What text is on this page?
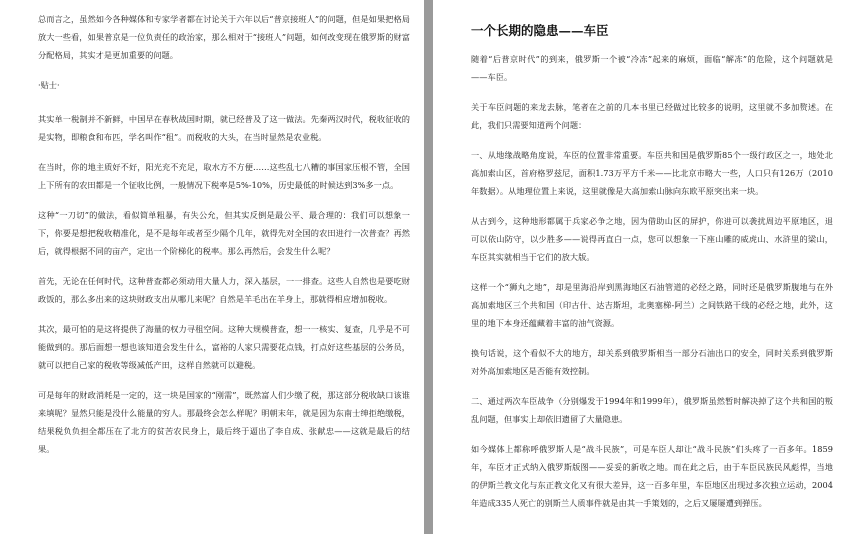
总而言之，虽然如今各种媒体和专家学者都在讨论关于六年以后“普京接班人”的问题，但是如果把格局放大一些看，如果普京是一位负责任的政治家，那么相对于“接班人”问题，如何改变现在俄罗斯的财富分配格局，其实才是更加重要的问题。

·贴士·

其实单一税制并不新鲜，中国早在春秋战国时期，就已经普及了这一做法。先秦两汉时代，税收征收的是实物，即粮食和布匹，学名叫作“租”。而税收的大头，在当时显然是农业税。

在当时，你的地主质好不好，阳光充不充足，取水方不方便……这些乱七八糟的事国家压根不管，全国上下所有的农田都是一个征收比例，一般情况下税率是5%-10%，历史最低的时候达到3%多一点。

这种“一刀切”的做法，看似简单粗暴，有失公允，但其实反倒是最公平、最合理的：我们可以想象一下，你要是想把税收精准化，是不是每年或者至少隔个几年，就得先对全国的农田进行一次普查？再然后，就得根据不同的亩产，定出一个阶梯化的税率。那么再然后，会发生什么呢？

首先，无论在任何时代，这种普查都必须动用大量人力，深入基层，一一排查。这些人自然也是要吃财政饭的，那么多出来的这块财政支出从哪儿来呢？自然是羊毛出在羊身上，那就得相应增加税收。

其次，最可怕的是这将提供了海量的权力寻租空间。这种大规模普查，想一一核实、复查，几乎是不可能做到的。那后面想一想也该知道会发生什么，富裕的人家只需要花点钱，打点好这些基层的公务员，就可以把自己家的税收等级减低产田，这样自然就可以避税。

可是每年的财政消耗是一定的，这一块是国家的“刚需”，既然富人们少缴了税，那这部分税收缺口该谁来填呢？显然只能是没什么能量的穷人。那最终会怎么样呢？明朝末年，就是因为东南士绅拒绝缴税，结果税负负担全都压在了北方的贫苦农民身上，最后终于逼出了李自成、张献忠——这就是最后的结果。

一个长期的隐患——车臣

随着“后普京时代”的到来，俄罗斯一个被“冷冻”起来的麻烦，面临“解冻”的危险，这个问题就是——车臣。

关于车臣问题的来龙去脉，笔者在之前的几本书里已经做过比较多的说明，这里就不多加赘述。在此，我们只需要知道两个问题：

一、从地缘战略角度说，车臣的位置非常重要。车臣共和国是俄罗斯85个一级行政区之一，地处北高加索山区，首府格罗兹尼，面积1.73万平方千米——比北京市略大一些，人口只有126万（2010年数据）。从地理位置上来说，这里就像是大高加索山脉向东欧平原突出来一块。

从古到今，这种地形都属于兵家必争之地，因为借助山区的屏护，你进可以袭扰周边平原地区，退可以依山防守，以少胜多——说得再直白一点，您可以想象一下座山雕的威虎山、水浒里的梁山，车臣其实就相当于它们的放大版。

这样一个“狮丸之地”，却是里海沿岸到黑海地区石油管道的必经之路，同时还是俄罗斯腹地与在外高加索地区三个共和国（印古什、达吉斯坦，北奥塞梯-阿兰）之间铁路干线的必经之地，此外，这里的地下本身还蕴藏着丰富的油气资源。

换句话说，这个看似不大的地方，却关系到俄罗斯相当一部分石油出口的安全，同时关系到俄罗斯对外高加索地区是否能有效控制。

二、通过两次车臣战争（分别爆发于1994年和1999年），俄罗斯虽然暂时解决掉了这个共和国的叛乱问题，但事实上却依旧遗留了大量隐患。

如今媒体上都称呼俄罗斯人是“战斗民族”，可是车臣人却让“战斗民族”们头疼了一百多年。1859年，车臣才正式纳入俄罗斯版图——妥妥的新收之地。而在此之后，由于车臣民族民风彪悍，当地的伊斯兰教文化与东正教文化又有很大差异，这一百多年里，车臣地区出现过多次独立运动，2004年造成335人死亡的别斯兰人质事件就是由其一手策划的，之后又屡屡遭到弹压。
